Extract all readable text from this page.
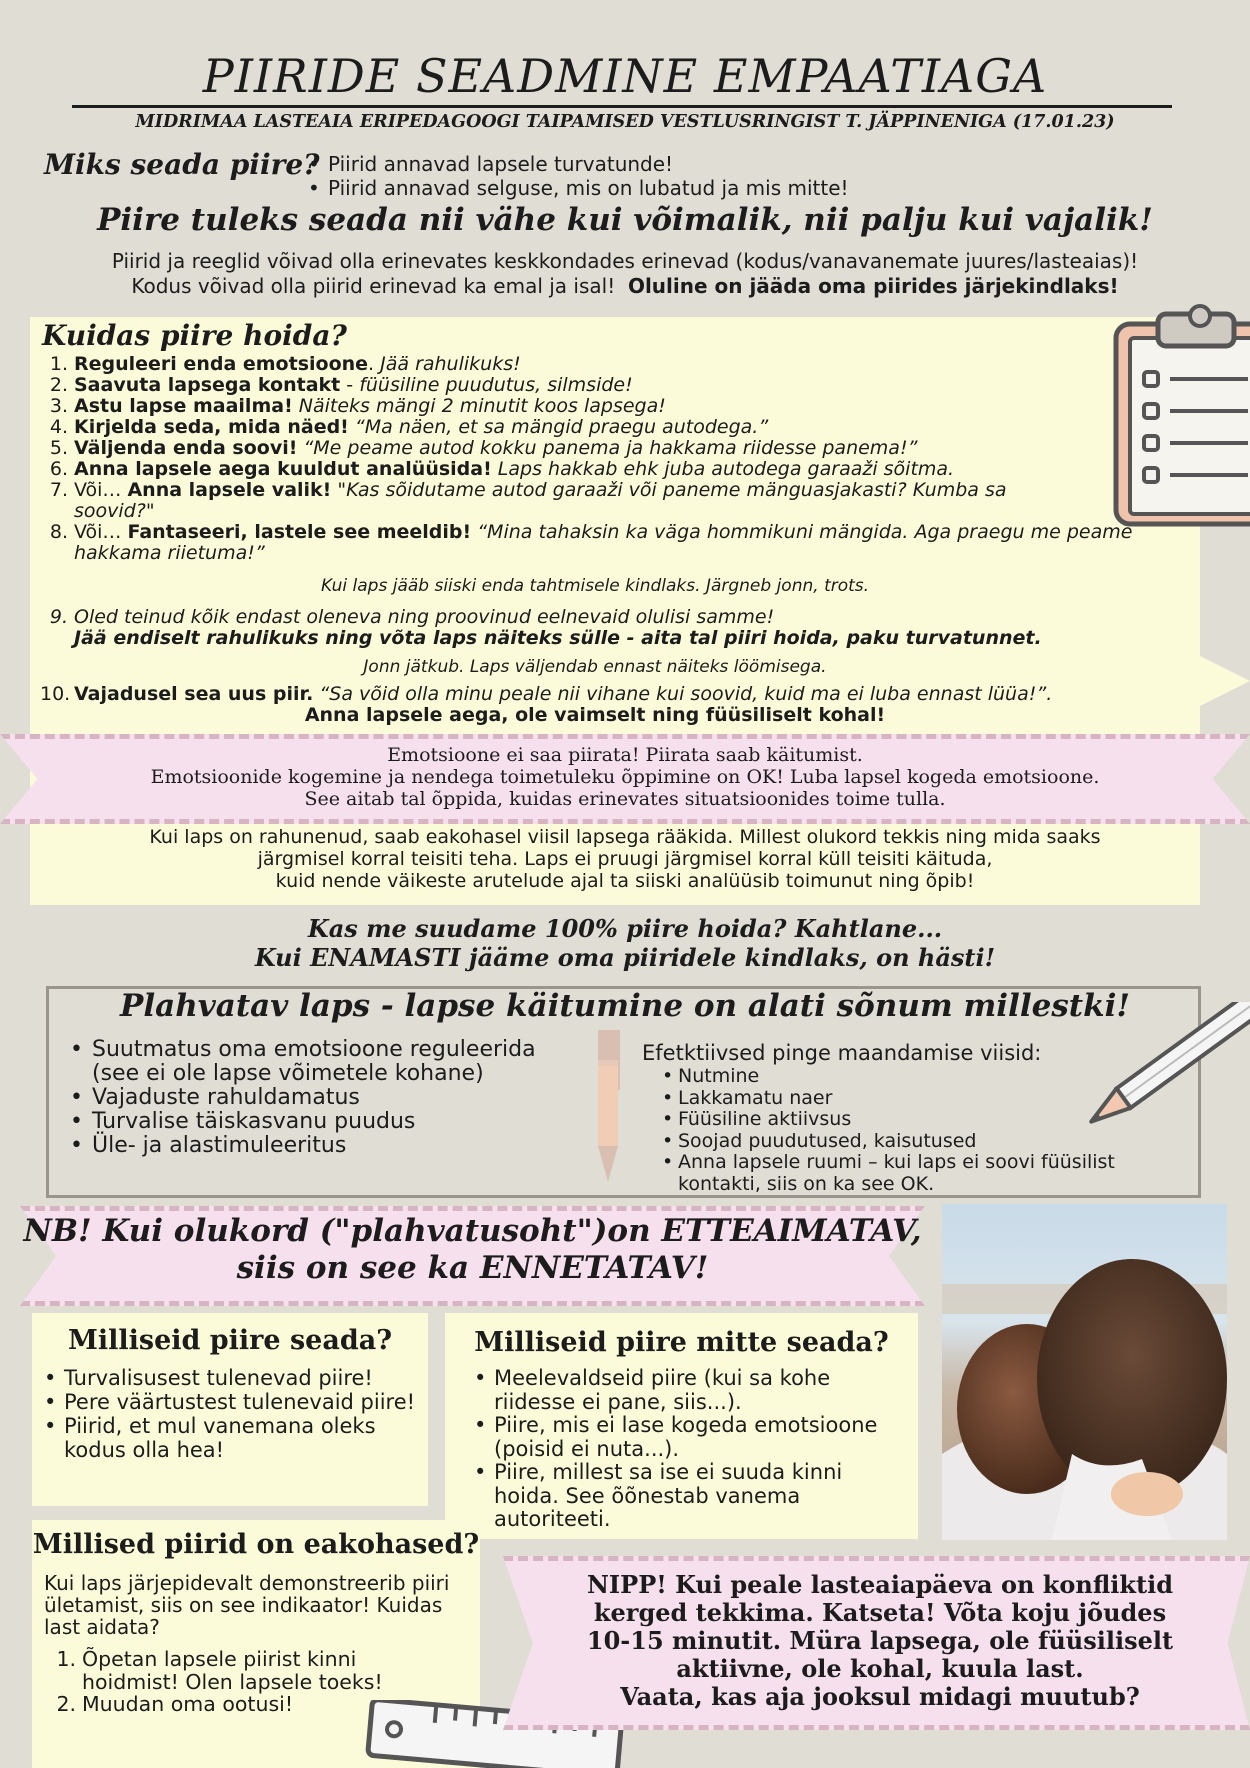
PIIRIDE SEADMINE EMPAATIAGA
MIDRIMAA LASTEAIA ERIPEDAGOOGI TAIPAMISED VESTLUSRINGIST T. JÄPPINENIGA (17.01.23)
Miks seada piire?
• Piirid annavad lapsele turvatunde!
• Piirid annavad selguse, mis on lubatud ja mis mitte!
Piire tuleks seada nii vähe kui võimalik, nii palju kui vajalik!
Piirid ja reeglid võivad olla erinevates keskkondades erinevad (kodus/vanavanemate juures/lasteaias)!
Kodus võivad olla piirid erinevad ka emal ja isal! Oluline on jääda oma piirides järjekindlaks!
Kuidas piire hoida?
1. Reguleeri enda emotsioone. Jää rahulikuks!
2. Saavuta lapsega kontakt - füüsiline puudutus, silmside!
3. Astu lapse maailma! Näiteks mängi 2 minutit koos lapsega!
4. Kirjelda seda, mida näed! “Ma näen, et sa mängid praegu autodega.”
5. Väljenda enda soovi! “Me peame autod kokku panema ja hakkama riidesse panema!”
6. Anna lapsele aega kuuldut analüüsida! Laps hakkab ehk juba autodega garaaži sõitma.
7. Või… Anna lapsele valik! "Kas sõidutame autod garaaži või paneme mänguasjakasti? Kumba sa soovid?"
8. Või… Fantaseeri, lastele see meeldib! “Mina tahaksin ka väga hommikuni mängida. Aga praegu me peame hakkama riietuma!”
Kui laps jääb siiski enda tahtmisele kindlaks. Järgneb jonn, trots.
9. Oled teinud kõik endast oleneva ning proovinud eelnevaid olulisi samme!
Jää endiselt rahulikuks ning võta laps näiteks sülle - aita tal piiri hoida, paku turvatunnet.
Jonn jätkub. Laps väljendab ennast näiteks löömisega.
10. Vajadusel sea uus piir. “Sa võid olla minu peale nii vihane kui soovid, kuid ma ei luba ennast lüüa!”.
Anna lapsele aega, ole vaimselt ning füüsiliselt kohal!
Emotsioone ei saa piirata! Piirata saab käitumist.
Emotsioonide kogemine ja nendega toimetuleku õppimine on OK! Luba lapsel kogeda emotsioone.
See aitab tal õppida, kuidas erinevates situatsioonides toime tulla.
Kui laps on rahunenud, saab eakohasel viisil lapsega rääkida. Millest olukord tekkis ning mida saaks
järgmisel korral teisiti teha. Laps ei pruugi järgmisel korral küll teisiti käituda,
kuid nende väikeste arutelude ajal ta siiski analüüsib toimunut ning õpib!
Kas me suudame 100% piire hoida? Kahtlane...
Kui ENAMASTI jääme oma piiridele kindlaks, on hästi!
Plahvatav laps - lapse käitumine on alati sõnum millestki!
• Suutmatus oma emotsioone reguleerida (see ei ole lapse võimetele kohane)
• Vajaduste rahuldamatus
• Turvalise täiskasvanu puudus
• Üle- ja alastimuleeritus
Efetktiivsed pinge maandamise viisid:
• Nutmine
• Lakkamatu naer
• Füüsiline aktiivsus
• Soojad puudutused, kaisutused
• Anna lapsele ruumi – kui laps ei soovi füüsilist kontakti, siis on ka see OK.
NB! Kui olukord ("plahvatusoht")on ETTEAIMATAV,
siis on see ka ENNETATAV!
Milliseid piire seada?
• Turvalisusest tulenevad piire!
• Pere väärtustest tulenevaid piire!
• Piirid, et mul vanemana oleks kodus olla hea!
Milliseid piire mitte seada?
• Meelevaldseid piire (kui sa kohe riidesse ei pane, siis...).
• Piire, mis ei lase kogeda emotsioone (poisid ei nuta...).
• Piire, millest sa ise ei suuda kinni hoida. See õõnestab vanema autoriteeti.
Millised piirid on eakohased?
Kui laps järjepidevalt demonstreerib piiri ületamist, siis on see indikaator! Kuidas last aidata?
1. Õpetan lapsele piirist kinni hoidmist! Olen lapsele toeks!
2. Muudan oma ootusi!
NIPP! Kui peale lasteaiapäeva on konfliktid
kerged tekkima. Katseta! Võta koju jõudes
10-15 minutit. Müra lapsega, ole füüsiliselt
aktiivne, ole kohal, kuula last.
Vaata, kas aja jooksul midagi muutub?
